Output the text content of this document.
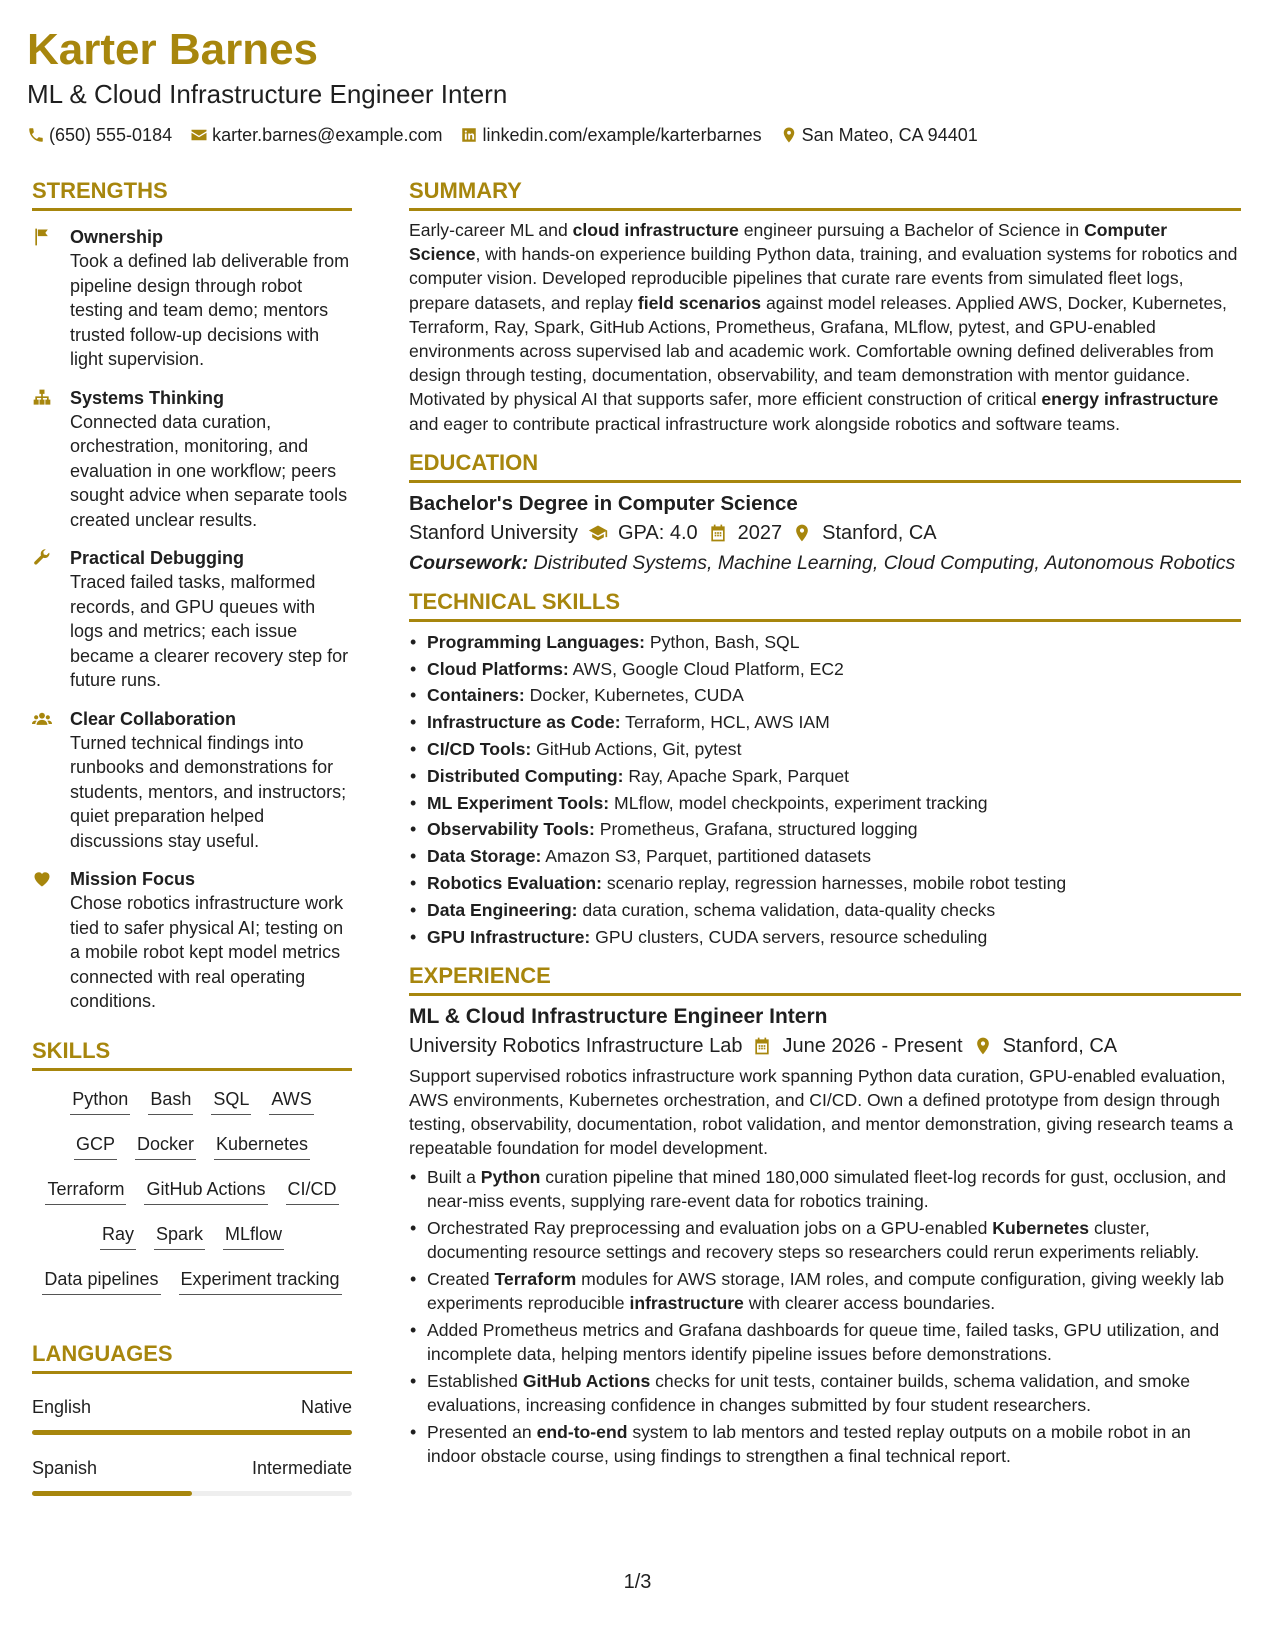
Karter Barnes
ML & Cloud Infrastructure Engineer Intern
(650) 555-0184 karter.barnes@example.com linkedin.com/example/karterbarnes San Mateo, CA 94401
STRENGTHS
Ownership
Took a defined lab deliverable from pipeline design through robot testing and team demo; mentors trusted follow-up decisions with light supervision.
Systems Thinking
Connected data curation, orchestration, monitoring, and evaluation in one workflow; peers sought advice when separate tools created unclear results.
Practical Debugging
Traced failed tasks, malformed records, and GPU queues with logs and metrics; each issue became a clearer recovery step for future runs.
Clear Collaboration
Turned technical findings into runbooks and demonstrations for students, mentors, and instructors; quiet preparation helped discussions stay useful.
Mission Focus
Chose robotics infrastructure work tied to safer physical AI; testing on a mobile robot kept model metrics connected with real operating conditions.
SKILLS
Python Bash SQL AWS
GCP Docker Kubernetes
Terraform GitHub Actions CI/CD
Ray Spark MLflow
Data pipelines Experiment tracking
LANGUAGES
English	Native
Spanish	Intermediate
SUMMARY
Early-career ML and cloud infrastructure engineer pursuing a Bachelor of Science in Computer Science, with hands-on experience building Python data, training, and evaluation systems for robotics and computer vision. Developed reproducible pipelines that curate rare events from simulated fleet logs, prepare datasets, and replay field scenarios against model releases. Applied AWS, Docker, Kubernetes, Terraform, Ray, Spark, GitHub Actions, Prometheus, Grafana, MLflow, pytest, and GPU-enabled environments across supervised lab and academic work. Comfortable owning defined deliverables from design through testing, documentation, observability, and team demonstration with mentor guidance. Motivated by physical AI that supports safer, more efficient construction of critical energy infrastructure and eager to contribute practical infrastructure work alongside robotics and software teams.
EDUCATION
Bachelor's Degree in Computer Science
Stanford University GPA: 4.0 2027 Stanford, CA
Coursework: Distributed Systems, Machine Learning, Cloud Computing, Autonomous Robotics
TECHNICAL SKILLS
• Programming Languages: Python, Bash, SQL
• Cloud Platforms: AWS, Google Cloud Platform, EC2
• Containers: Docker, Kubernetes, CUDA
• Infrastructure as Code: Terraform, HCL, AWS IAM
• CI/CD Tools: GitHub Actions, Git, pytest
• Distributed Computing: Ray, Apache Spark, Parquet
• ML Experiment Tools: MLflow, model checkpoints, experiment tracking
• Observability Tools: Prometheus, Grafana, structured logging
• Data Storage: Amazon S3, Parquet, partitioned datasets
• Robotics Evaluation: scenario replay, regression harnesses, mobile robot testing
• Data Engineering: data curation, schema validation, data-quality checks
• GPU Infrastructure: GPU clusters, CUDA servers, resource scheduling
EXPERIENCE
ML & Cloud Infrastructure Engineer Intern
University Robotics Infrastructure Lab June 2026 - Present Stanford, CA
Support supervised robotics infrastructure work spanning Python data curation, GPU-enabled evaluation, AWS environments, Kubernetes orchestration, and CI/CD. Own a defined prototype from design through testing, observability, documentation, robot validation, and mentor demonstration, giving research teams a repeatable foundation for model development.
• Built a Python curation pipeline that mined 180,000 simulated fleet-log records for gust, occlusion, and near-miss events, supplying rare-event data for robotics training.
• Orchestrated Ray preprocessing and evaluation jobs on a GPU-enabled Kubernetes cluster, documenting resource settings and recovery steps so researchers could rerun experiments reliably.
• Created Terraform modules for AWS storage, IAM roles, and compute configuration, giving weekly lab experiments reproducible infrastructure with clearer access boundaries.
• Added Prometheus metrics and Grafana dashboards for queue time, failed tasks, GPU utilization, and incomplete data, helping mentors identify pipeline issues before demonstrations.
• Established GitHub Actions checks for unit tests, container builds, schema validation, and smoke evaluations, increasing confidence in changes submitted by four student researchers.
• Presented an end-to-end system to lab mentors and tested replay outputs on a mobile robot in an indoor obstacle course, using findings to strengthen a final technical report.
1/3
